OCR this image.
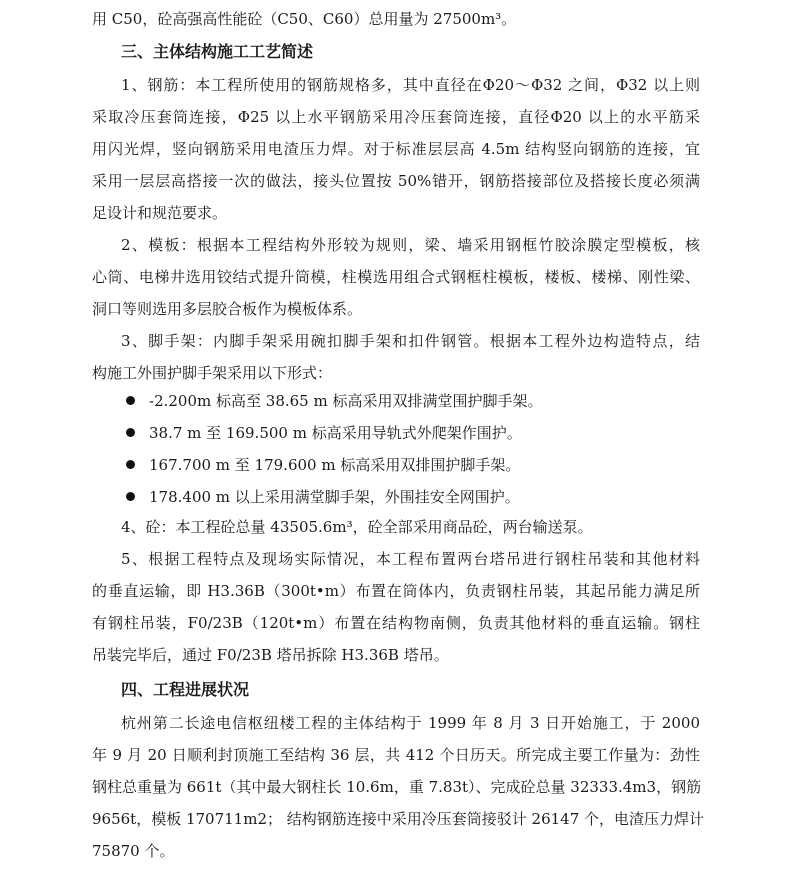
用 C50，砼高强高性能砼（C50、C60）总用量为 27500m³。
三、主体结构施工工艺简述
1、钢筋：本工程所使用的钢筋规格多，其中直径在Φ20～Φ32 之间，Φ32 以上则
采取冷压套筒连接，Φ25 以上水平钢筋采用冷压套筒连接，直径Φ20 以上的水平筋采
用闪光焊，竖向钢筋采用电渣压力焊。对于标准层层高 4.5m 结构竖向钢筋的连接，宜
采用一层层高搭接一次的做法，接头位置按 50%错开，钢筋搭接部位及搭接长度必须满
足设计和规范要求。
2、模板：根据本工程结构外形较为规则，梁、墙采用钢框竹胶涂膜定型模板，核
心筒、电梯井选用铰结式提升筒模，柱模选用组合式钢框柱模板，楼板、楼梯、刚性梁、
洞口等则选用多层胶合板作为模板体系。
3、脚手架：内脚手架采用碗扣脚手架和扣件钢管。根据本工程外边构造特点，结
构施工外围护脚手架采用以下形式：
-2.200m 标高至 38.65 m 标高采用双排满堂围护脚手架。
38.7 m 至 169.500 m 标高采用导轨式外爬架作围护。
167.700 m 至 179.600 m 标高采用双排围护脚手架。
178.400 m 以上采用满堂脚手架，外围挂安全网围护。
4、砼：本工程砼总量 43505.6m³，砼全部采用商品砼，两台输送泵。
5、根据工程特点及现场实际情况，本工程布置两台塔吊进行钢柱吊装和其他材料
的垂直运输，即 H3.36B（300t•m）布置在筒体内，负责钢柱吊装，其起吊能力满足所
有钢柱吊装，F0/23B（120t•m）布置在结构物南侧，负责其他材料的垂直运输。钢柱
吊装完毕后，通过 F0/23B 塔吊拆除 H3.36B 塔吊。
四、工程进展状况
杭州第二长途电信枢纽楼工程的主体结构于 1999 年 8 月 3 日开始施工，于 2000
年 9 月 20 日顺利封顶施工至结构 36 层，共 412 个日历天。所完成主要工作量为：劲性
钢柱总重量为 661t（其中最大钢柱长 10.6m，重 7.83t）、完成砼总量 32333.4m3，钢筋
9656t，模板 170711m2； 结构钢筋连接中采用冷压套筒接驳计 26147 个，电渣压力焊计
75870 个。
